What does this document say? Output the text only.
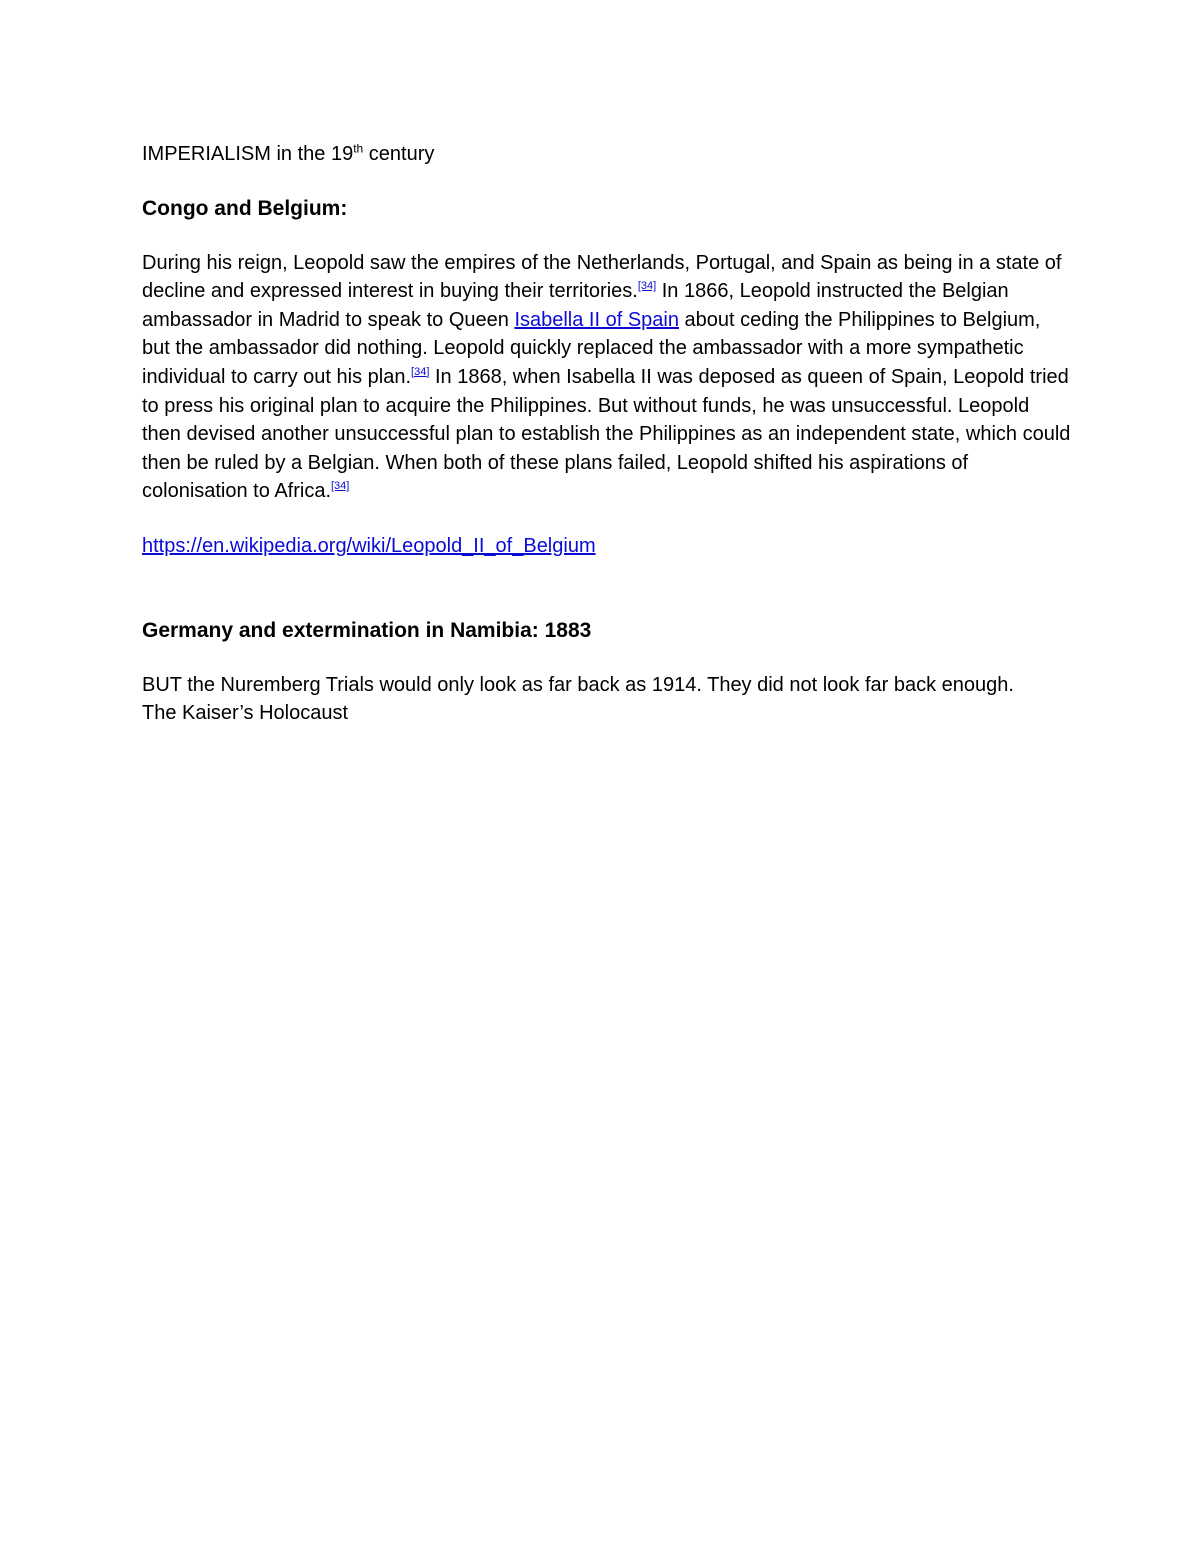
IMPERIALISM in the 19th century
Congo and Belgium:

During his reign, Leopold saw the empires of the Netherlands, Portugal, and Spain as being in a state of decline and expressed interest in buying their territories.[34] In 1866, Leopold instructed the Belgian ambassador in Madrid to speak to Queen Isabella II of Spain about ceding the Philippines to Belgium, but the ambassador did nothing. Leopold quickly replaced the ambassador with a more sympathetic individual to carry out his plan.[34] In 1868, when Isabella II was deposed as queen of Spain, Leopold tried to press his original plan to acquire the Philippines. But without funds, he was unsuccessful. Leopold then devised another unsuccessful plan to establish the Philippines as an independent state, which could then be ruled by a Belgian. When both of these plans failed, Leopold shifted his aspirations of colonisation to Africa.[34]

https://en.wikipedia.org/wiki/Leopold_II_of_Belgium

Germany and extermination in Namibia: 1883

BUT the Nuremberg Trials would only look as far back as 1914. They did not look far back enough.

The Kaiser’s Holocaust
